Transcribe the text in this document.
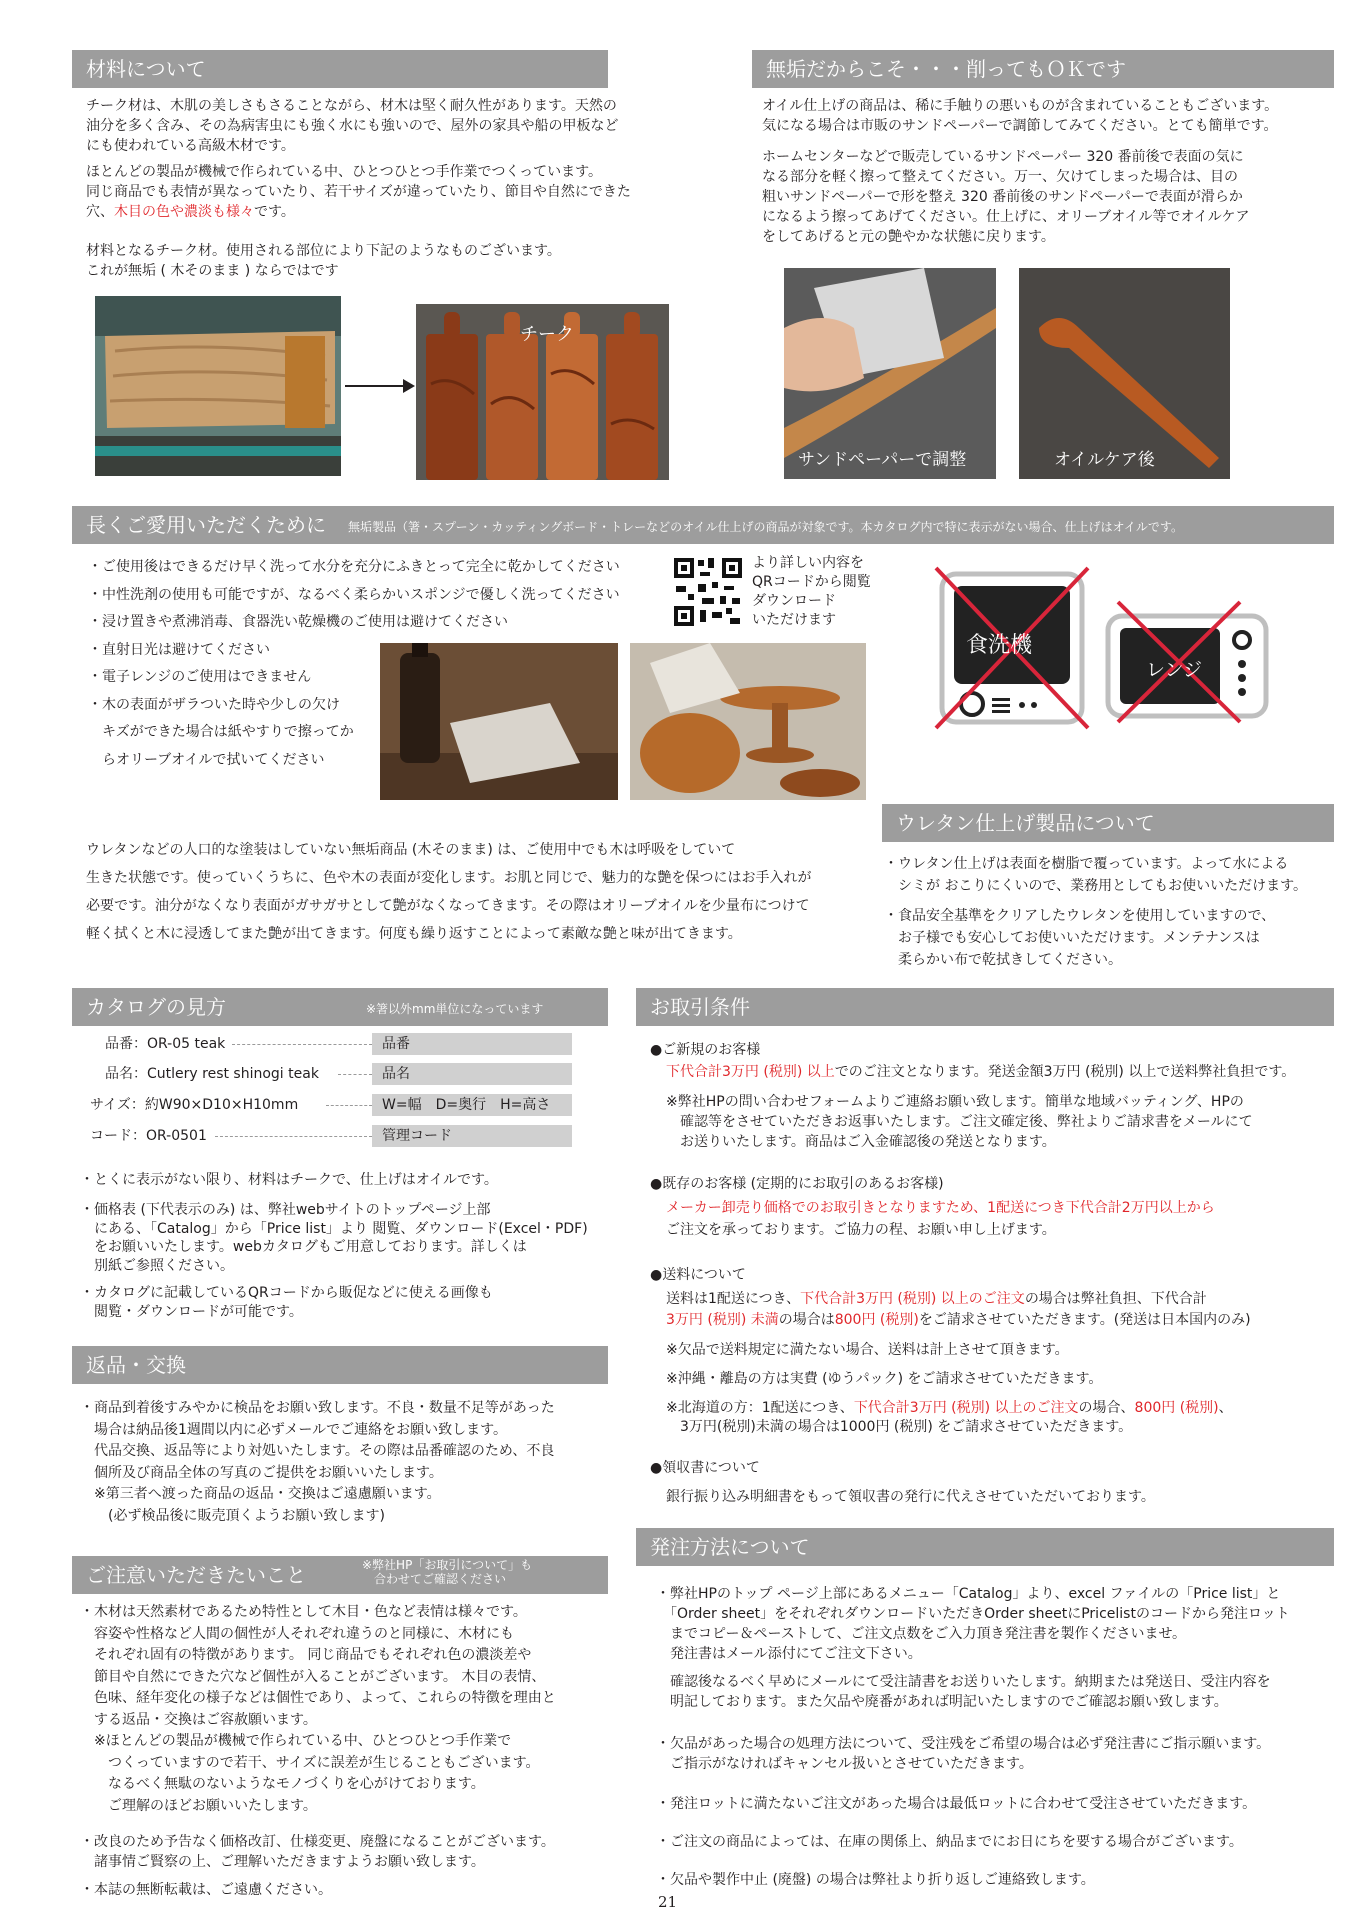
材料について
チーク材は、木肌の美しさもさることながら、材木は堅く耐久性があります。天然の
油分を多く含み、その為病害虫にも強く水にも強いので、屋外の家具や船の甲板など
にも使われている高級木材です。
ほとんどの製品が機械で作られている中、ひとつひとつ手作業でつくっています。
同じ商品でも表情が異なっていたり、若干サイズが違っていたり、節目や自然にできた
穴、木目の色や濃淡も様々です。
材料となるチーク材。使用される部位により下記のようなものございます。
これが無垢 ( 木そのまま ) ならではです
チーク
無垢だからこそ・・・削ってもＯＫです
オイル仕上げの商品は、稀に手触りの悪いものが含まれていることもございます。
気になる場合は市販のサンドペーパーで調節してみてください。とても簡単です。
ホームセンターなどで販売しているサンドペーパー 320 番前後で表面の気に
なる部分を軽く擦って整えてください。万一、欠けてしまった場合は、目の
粗いサンドペーパーで形を整え 320 番前後のサンドペーパーで表面が滑らか
になるよう擦ってあげてください。仕上げに、オリーブオイル等でオイルケア
をしてあげると元の艶やかな状態に戻ります。
サンドペーパーで調整	オイルケア後
長くご愛用いただくために 無垢製品（箸・スプーン・カッティングボード・トレーなどのオイル仕上げの商品が対象です。本カタログ内で特に表示がない場合、仕上げはオイルです。
・ご使用後はできるだけ早く洗って水分を充分にふきとって完全に乾かしてください
・中性洗剤の使用も可能ですが、なるべく柔らかいスポンジで優しく洗ってください
・浸け置きや煮沸消毒、食器洗い乾燥機のご使用は避けてください
・直射日光は避けてください
・電子レンジのご使用はできません
・木の表面がザラついた時や少しの欠け
　キズができた場合は紙やすりで擦ってか
　らオリーブオイルで拭いてください
より詳しい内容を
QRコードから閲覧
ダウンロード
いただけます
食洗機
レンジ
ウレタンなどの人口的な塗装はしていない無垢商品 (木そのまま) は、ご使用中でも木は呼吸をしていて
生きた状態です。使っていくうちに、色や木の表面が変化します。お肌と同じで、魅力的な艶を保つにはお手入れが
必要です。油分がなくなり表面がガサガサとして艶がなくなってきます。その際はオリーブオイルを少量布につけて
軽く拭くと木に浸透してまた艶が出てきます。何度も繰り返すことによって素敵な艶と味が出てきます。
ウレタン仕上げ製品について
・ウレタン仕上げは表面を樹脂で覆っています。よって水による
　シミが おこりにくいので、業務用としてもお使いいただけます。
・食品安全基準をクリアしたウレタンを使用していますので、
　お子様でも安心してお使いいただけます。メンテナンスは
　柔らかい布で乾拭きしてください。
カタログの見方	※箸以外mm単位になっています
品番：OR-05 teak	品番
品名：Cutlery rest shinogi teak	品名
サイズ：約W90×D10×H10mm	W=幅　D=奥行　H=高さ
コード：OR-0501	管理コード
・とくに表示がない限り、材料はチークで、仕上げはオイルです。
・価格表 (下代表示のみ) は、弊社webサイトのトップページ上部
　にある、「Catalog」から「Price list」より 閲覧、ダウンロード(Excel・PDF)
　をお願いいたします。webカタログもご用意しております。詳しくは
　別紙ご参照ください。
・カタログに記載しているQRコードから販促などに使える画像も
　閲覧・ダウンロードが可能です。
返品・交換
・商品到着後すみやかに検品をお願い致します。不良・数量不足等があった
　場合は納品後1週間以内に必ずメールでご連絡をお願い致します。
　代品交換、返品等により対処いたします。その際は品番確認のため、不良
　個所及び商品全体の写真のご提供をお願いいたします。
　※第三者へ渡った商品の返品・交換はご遠慮願います。
　　(必ず検品後に販売頂くようお願い致します)
ご注意いただきたいこと	※弊社HP「お取引について」も
　合わせてご確認ください
・木材は天然素材であるため特性として木目・色など表情は様々です。
　容姿や性格など人間の個性が人それぞれ違うのと同様に、木材にも
　それぞれ固有の特徴があります。 同じ商品でもそれぞれ色の濃淡差や
　節目や自然にできた穴など個性が入ることがございます。 木目の表情、
　色味、経年変化の様子などは個性であり、よって、これらの特徴を理由と
　する返品・交換はご容赦願います。
　※ほとんどの製品が機械で作られている中、ひとつひとつ手作業で
　　つくっていますので若干、サイズに誤差が生じることもございます。
　　なるべく無駄のないようなモノづくりを心がけております。
　　ご理解のほどお願いいたします。
・改良のため予告なく価格改訂、仕様変更、廃盤になることがございます。
　諸事情ご賢察の上、ご理解いただきますようお願い致します。
・本誌の無断転載は、ご遠慮ください。
お取引条件
●ご新規のお客様
下代合計3万円 (税別) 以上でのご注文となります。発送金額3万円 (税別) 以上で送料弊社負担です。
※弊社HPの問い合わせフォームよりご連絡お願い致します。簡単な地域バッティング、HPの
　確認等をさせていただきお返事いたします。ご注文確定後、弊社よりご請求書をメールにて
　お送りいたします。商品はご入金確認後の発送となります。
●既存のお客様 (定期的にお取引のあるお客様)
メーカー卸売り価格でのお取引きとなりますため、1配送につき下代合計2万円以上から
ご注文を承っております。ご協力の程、お願い申し上げます。
●送料について
送料は1配送につき、下代合計3万円 (税別) 以上のご注文の場合は弊社負担、下代合計
3万円 (税別) 未満の場合は800円 (税別)をご請求させていただきます。(発送は日本国内のみ)
※欠品で送料規定に満たない場合、送料は計上させて頂きます。
※沖縄・離島の方は実費 (ゆうパック) をご請求させていただきます。
※北海道の方：1配送につき、下代合計3万円 (税別) 以上のご注文の場合、800円 (税別)、
　3万円(税別)未満の場合は1000円 (税別) をご請求させていただきます。
●領収書について
銀行振り込み明細書をもって領収書の発行に代えさせていただいております。
発注方法について
・弊社HPのトップ ページ上部にあるメニュー「Catalog」より、excel ファイルの「Price list」と
　「Order sheet」をそれぞれダウンロードいただきOrder sheetにPricelistのコードから発注ロット
　までコピー＆ペーストして、ご注文点数をご入力頂き発注書を製作くださいませ。
　発注書はメール添付にてご注文下さい。
　確認後なるべく早めにメールにて受注請書をお送りいたします。納期または発送日、受注内容を
　明記しております。また欠品や廃番があれば明記いたしますのでご確認お願い致します。
・欠品があった場合の処理方法について、受注残をご希望の場合は必ず発注書にご指示願います。
　ご指示がなければキャンセル扱いとさせていただきます。
・発注ロットに満たないご注文があった場合は最低ロットに合わせて受注させていただきます。
・ご注文の商品によっては、在庫の関係上、納品までにお日にちを要する場合がございます。
・欠品や製作中止 (廃盤) の場合は弊社より折り返しご連絡致します。
21
